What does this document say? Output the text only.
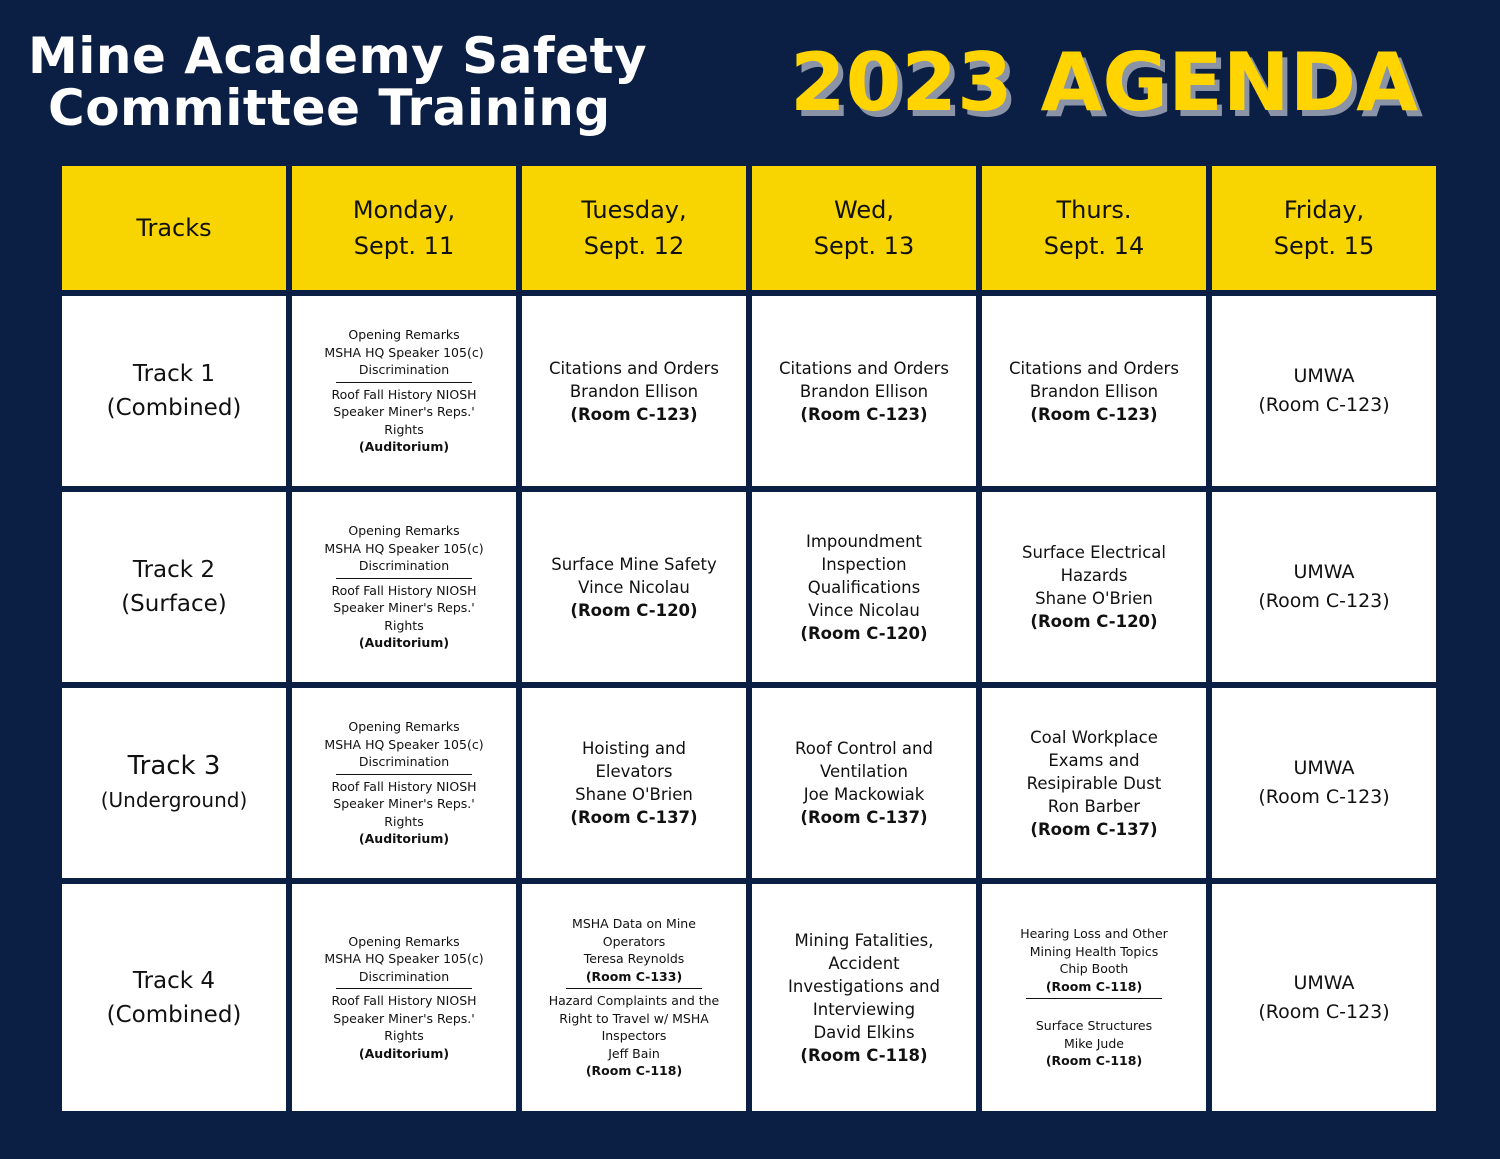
Mine Academy Safety
Committee Training	2023 AGENDA
Tracks
Monday,
Sept. 11
Tuesday,
Sept. 12
Wed,
Sept. 13
Thurs.
Sept. 14
Friday,
Sept. 15
Track 1
(Combined)
Opening Remarks
MSHA HQ Speaker 105(c)
Discrimination
Roof Fall History NIOSH
Speaker Miner's Reps.'
Rights
(Auditorium)
Citations and Orders
Brandon Ellison
(Room C-123)
Citations and Orders
Brandon Ellison
(Room C-123)
Citations and Orders
Brandon Ellison
(Room C-123)
UMWA
(Room C-123)
Track 2
(Surface)
Opening Remarks
MSHA HQ Speaker 105(c)
Discrimination
Roof Fall History NIOSH
Speaker Miner's Reps.'
Rights
(Auditorium)
Surface Mine Safety
Vince Nicolau
(Room C-120)
Impoundment
Inspection
Qualifications
Vince Nicolau
(Room C-120)
Surface Electrical
Hazards
Shane O'Brien
(Room C-120)
UMWA
(Room C-123)
Track 3
(Underground)
Opening Remarks
MSHA HQ Speaker 105(c)
Discrimination
Roof Fall History NIOSH
Speaker Miner's Reps.'
Rights
(Auditorium)
Hoisting and
Elevators
Shane O'Brien
(Room C-137)
Roof Control and
Ventilation
Joe Mackowiak
(Room C-137)
Coal Workplace
Exams and
Resipirable Dust
Ron Barber
(Room C-137)
UMWA
(Room C-123)
Track 4
(Combined)
Opening Remarks
MSHA HQ Speaker 105(c)
Discrimination
Roof Fall History NIOSH
Speaker Miner's Reps.'
Rights
(Auditorium)
MSHA Data on Mine
Operators
Teresa Reynolds
(Room C-133)
Hazard Complaints and the
Right to Travel w/ MSHA
Inspectors
Jeff Bain
(Room C-118)
Mining Fatalities,
Accident
Investigations and
Interviewing
David Elkins
(Room C-118)
Hearing Loss and Other
Mining Health Topics
Chip Booth
(Room C-118)
Surface Structures
Mike Jude
(Room C-118)
UMWA
(Room C-123)
